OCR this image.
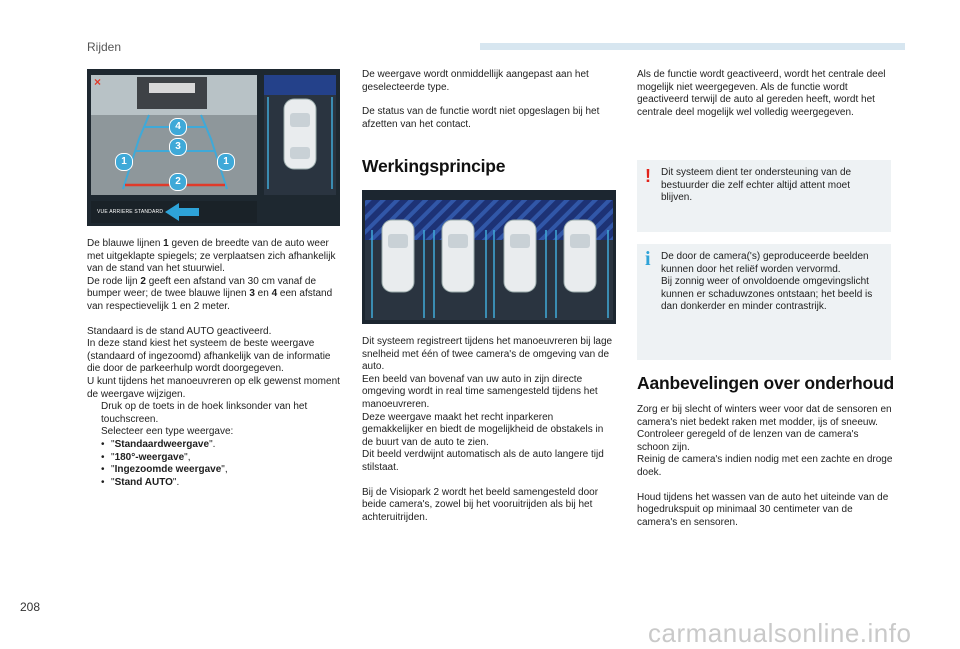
Rijden
×
4
3
1	1
2
VUE ARRIERE STANDARD

De blauwe lijnen 1 geven de breedte van de auto weer met uitgeklapte spiegels; ze verplaatsen zich afhankelijk van de stand van het stuurwiel.

De rode lijn 2 geeft een afstand van 30 cm vanaf de bumper weer; de twee blauwe lijnen 3 en 4 een afstand van respectievelijk 1 en 2 meter.

Standaard is de stand AUTO geactiveerd.

In deze stand kiest het systeem de beste weergave (standaard of ingezoomd) afhankelijk van de informatie die door de parkeerhulp wordt doorgegeven.

U kunt tijdens het manoeuvreren op elk gewenst moment de weergave wijzigen.

Druk op de toets in de hoek linksonder van het touchscreen.
Selecteer een type weergave:
• "Standaardweergave".
• "180°-weergave",
• "Ingezoomde weergave",
• "Stand AUTO".

De weergave wordt onmiddellijk aangepast aan het geselecteerde type.

De status van de functie wordt niet opgeslagen bij het afzetten van het contact.

Werkingsprincipe

Dit systeem registreert tijdens het manoeuvreren bij lage snelheid met één of twee camera's de omgeving van de auto.

Een beeld van bovenaf van uw auto in zijn directe omgeving wordt in real time samengesteld tijdens het manoeuvreren.

Deze weergave maakt het recht inparkeren gemakkelijker en biedt de mogelijkheid de obstakels in de buurt van de auto te zien.

Dit beeld verdwijnt automatisch als de auto langere tijd stilstaat.

Bij de Visiopark 2 wordt het beeld samengesteld door beide camera's, zowel bij het vooruitrijden als bij het achteruitrijden.

Als de functie wordt geactiveerd, wordt het centrale deel mogelijk niet weergegeven. Als de functie wordt geactiveerd terwijl de auto al gereden heeft, wordt het centrale deel mogelijk wel volledig weergegeven.

! Dit systeem dient ter ondersteuning van de bestuurder die zelf echter altijd attent moet blijven.

i De door de camera('s) geproduceerde beelden kunnen door het reliëf worden vervormd.

Bij zonnig weer of onvoldoende omgevingslicht kunnen er schaduwzones ontstaan; het beeld is dan donkerder en minder contrastrijk.

Aanbevelingen over onderhoud

Zorg er bij slecht of winters weer voor dat de sensoren en camera's niet bedekt raken met modder, ijs of sneeuw.

Controleer geregeld of de lenzen van de camera's schoon zijn.

Reinig de camera's indien nodig met een zachte en droge doek.

Houd tijdens het wassen van de auto het uiteinde van de hogedrukspuit op minimaal 30 centimeter van de camera's en sensoren.

208
carmanualsonline.info
